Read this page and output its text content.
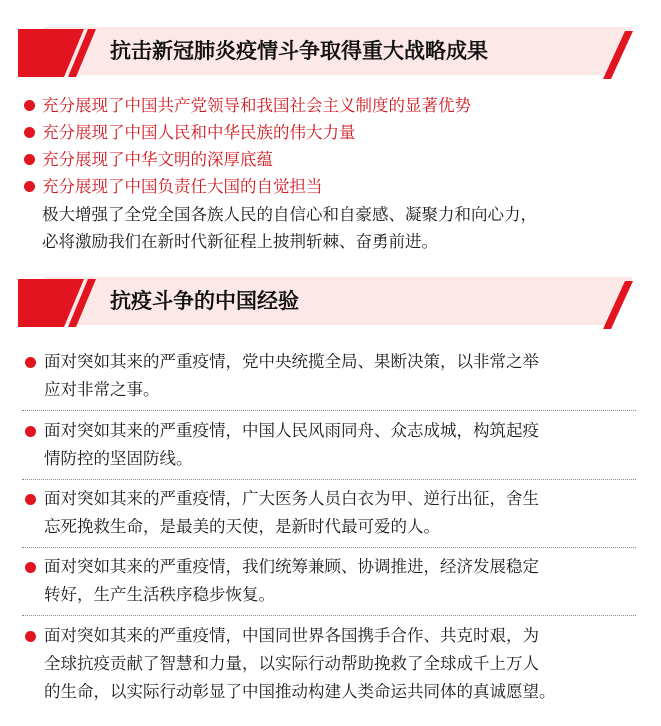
抗击新冠肺炎疫情斗争取得重大战略成果
充分展现了中国共产党领导和我国社会主义制度的显著优势
充分展现了中国人民和中华民族的伟大力量
充分展现了中华文明的深厚底蕴
充分展现了中国负责任大国的自觉担当
极大增强了全党全国各族人民的自信心和自豪感、凝聚力和向心力，
必将激励我们在新时代新征程上披荆斩棘、奋勇前进。
抗疫斗争的中国经验
面对突如其来的严重疫情，党中央统揽全局、果断决策，以非常之举
应对非常之事。
面对突如其来的严重疫情，中国人民风雨同舟、众志成城，构筑起疫
情防控的坚固防线。
面对突如其来的严重疫情，广大医务人员白衣为甲、逆行出征，舍生
忘死挽救生命，是最美的天使，是新时代最可爱的人。
面对突如其来的严重疫情，我们统筹兼顾、协调推进，经济发展稳定
转好，生产生活秩序稳步恢复。
面对突如其来的严重疫情，中国同世界各国携手合作、共克时艰，为
全球抗疫贡献了智慧和力量，以实际行动帮助挽救了全球成千上万人
的生命，以实际行动彰显了中国推动构建人类命运共同体的真诚愿望。
